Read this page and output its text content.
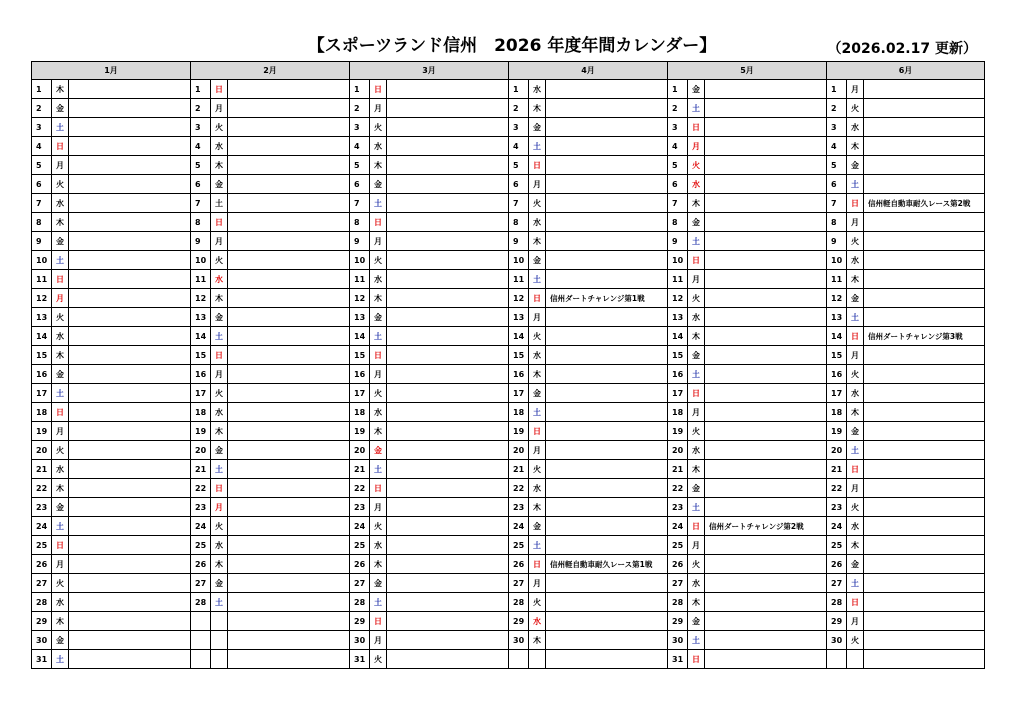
【スポーツランド信州　2026 年度年間カレンダー】	（2026.02.17 更新）
1月			2月			3月			4月			5月			6月		
1	木		1	日		1	日		1	水		1	金		1	月	
2	金		2	月		2	月		2	木		2	土		2	火	
3	土		3	火		3	火		3	金		3	日		3	水	
4	日		4	水		4	水		4	土		4	月		4	木	
5	月		5	木		5	木		5	日		5	火		5	金	
6	火		6	金		6	金		6	月		6	水		6	土	
7	水		7	土		7	土		7	火		7	木		7	日	信州軽自動車耐久レース第2戦
8	木		8	日		8	日		8	水		8	金		8	月	
9	金		9	月		9	月		9	木		9	土		9	火	
10	土		10	火		10	火		10	金		10	日		10	水	
11	日		11	水		11	水		11	土		11	月		11	木	
12	月		12	木		12	木		12	日	信州ダートチャレンジ第1戦	12	火		12	金	
13	火		13	金		13	金		13	月		13	水		13	土	
14	水		14	土		14	土		14	火		14	木		14	日	信州ダートチャレンジ第3戦
15	木		15	日		15	日		15	水		15	金		15	月	
16	金		16	月		16	月		16	木		16	土		16	火	
17	土		17	火		17	火		17	金		17	日		17	水	
18	日		18	水		18	水		18	土		18	月		18	木	
19	月		19	木		19	木		19	日		19	火		19	金	
20	火		20	金		20	金		20	月		20	水		20	土	
21	水		21	土		21	土		21	火		21	木		21	日	
22	木		22	日		22	日		22	水		22	金		22	月	
23	金		23	月		23	月		23	木		23	土		23	火	
24	土		24	火		24	火		24	金		24	日	信州ダートチャレンジ第2戦	24	水	
25	日		25	水		25	水		25	土		25	月		25	木	
26	月		26	木		26	木		26	日	信州軽自動車耐久レース第1戦	26	火		26	金	
27	火		27	金		27	金		27	月		27	水		27	土	
28	水		28	土		28	土		28	火		28	木		28	日	
29	木					29	日		29	水		29	金		29	月	
30	金					30	月		30	木		30	土		30	火	
31	土					31	火					31	日				
